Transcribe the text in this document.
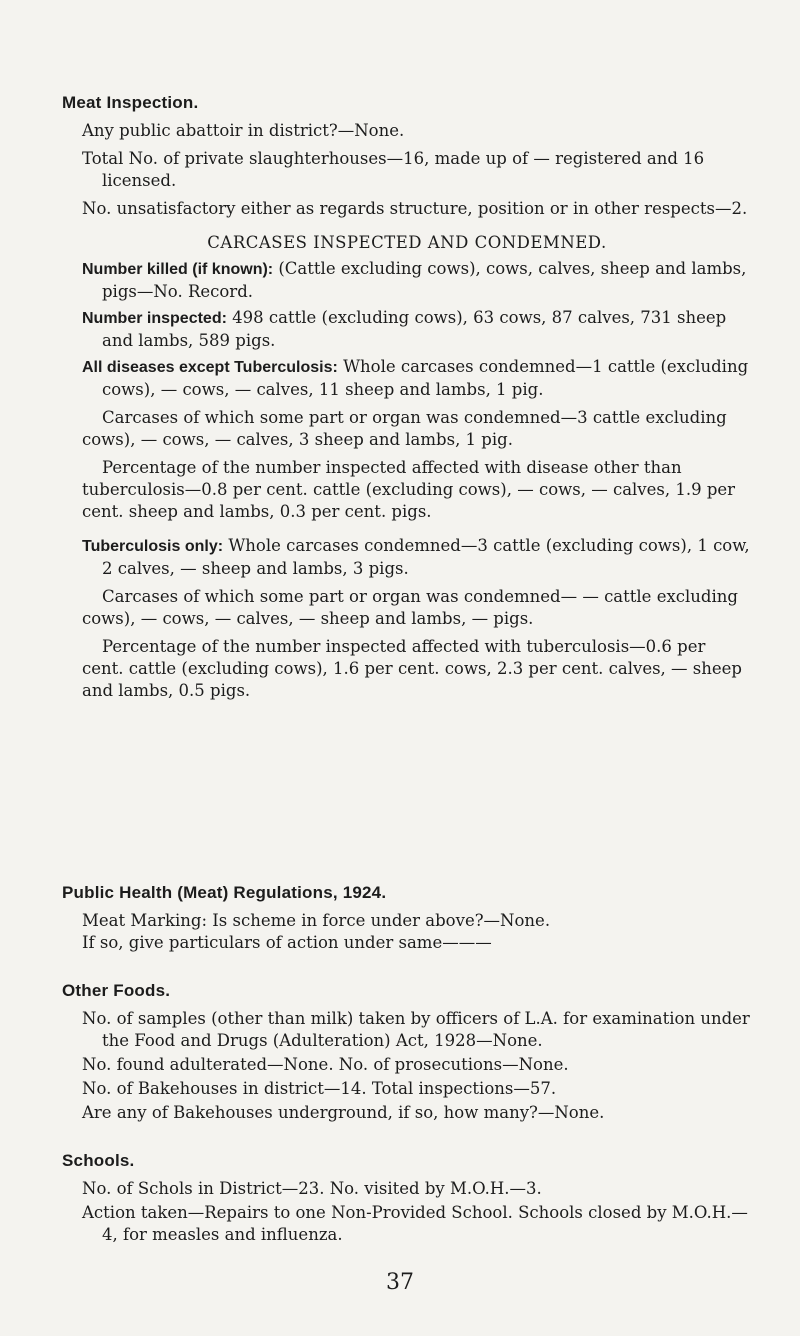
Meat Inspection.

Any public abattoir in district?—None.

Total No. of private slaughterhouses—16, made up of — registered and 16 licensed.

No. unsatisfactory either as regards structure, position or in other respects—2.

CARCASES INSPECTED AND CONDEMNED.

Number killed (if known): (Cattle excluding cows), cows, calves, sheep and lambs, pigs—No. Record.

Number inspected: 498 cattle (excluding cows), 63 cows, 87 calves, 731 sheep and lambs, 589 pigs.

All diseases except Tuberculosis: Whole carcases condemned—1 cattle (excluding cows), — cows, — calves, 11 sheep and lambs, 1 pig.

Carcases of which some part or organ was condemned—3 cattle excluding cows), — cows, — calves, 3 sheep and lambs, 1 pig.

Percentage of the number inspected affected with disease other than tuberculosis—0.8 per cent. cattle (excluding cows), — cows, — calves, 1.9 per cent. sheep and lambs, 0.3 per cent. pigs.

Tuberculosis only: Whole carcases condemned—3 cattle (excluding cows), 1 cow, 2 calves, — sheep and lambs, 3 pigs.

Carcases of which some part or organ was condemned— — cattle excluding cows), — cows, — calves, — sheep and lambs, — pigs.

Percentage of the number inspected affected with tuberculosis—0.6 per cent. cattle (excluding cows), 1.6 per cent. cows, 2.3 per cent. calves, — sheep and lambs, 0.5 pigs.

Public Health (Meat) Regulations, 1924.

Meat Marking: Is scheme in force under above?—None.

If so, give particulars of action under same———

Other Foods.

No. of samples (other than milk) taken by officers of L.A. for examination under the Food and Drugs (Adulteration) Act, 1928—None.

No. found adulterated—None. No. of prosecutions—None.

No. of Bakehouses in district—14. Total inspections—57.

Are any of Bakehouses underground, if so, how many?—None.

Schools.

No. of Schols in District—23. No. visited by M.O.H.—3.

Action taken—Repairs to one Non-Provided School. Schools closed by M.O.H.—4, for measles and influenza.

37
